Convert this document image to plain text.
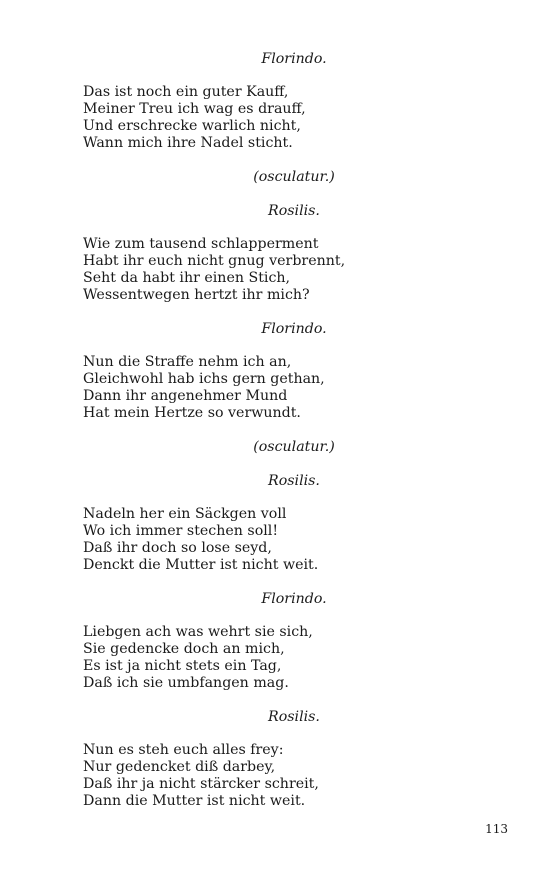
Florindo.
Das ist noch ein guter Kauff,
Meiner Treu ich wag es drauff,
Und erschrecke warlich nicht,
Wann mich ihre Nadel sticht.
(osculatur.)
Rosilis.
Wie zum tausend schlapperment
Habt ihr euch nicht gnug verbrennt,
Seht da habt ihr einen Stich,
Wessentwegen hertzt ihr mich?
Florindo.
Nun die Straffe nehm ich an,
Gleichwohl hab ichs gern gethan,
Dann ihr angenehmer Mund
Hat mein Hertze so verwundt.
(osculatur.)
Rosilis.
Nadeln her ein Säckgen voll
Wo ich immer stechen soll!
Daß ihr doch so lose seyd,
Denckt die Mutter ist nicht weit.
Florindo.
Liebgen ach was wehrt sie sich,
Sie gedencke doch an mich,
Es ist ja nicht stets ein Tag,
Daß ich sie umbfangen mag.
Rosilis.
Nun es steh euch alles frey:
Nur gedencket diß darbey,
Daß ihr ja nicht stärcker schreit,
Dann die Mutter ist nicht weit.
113
